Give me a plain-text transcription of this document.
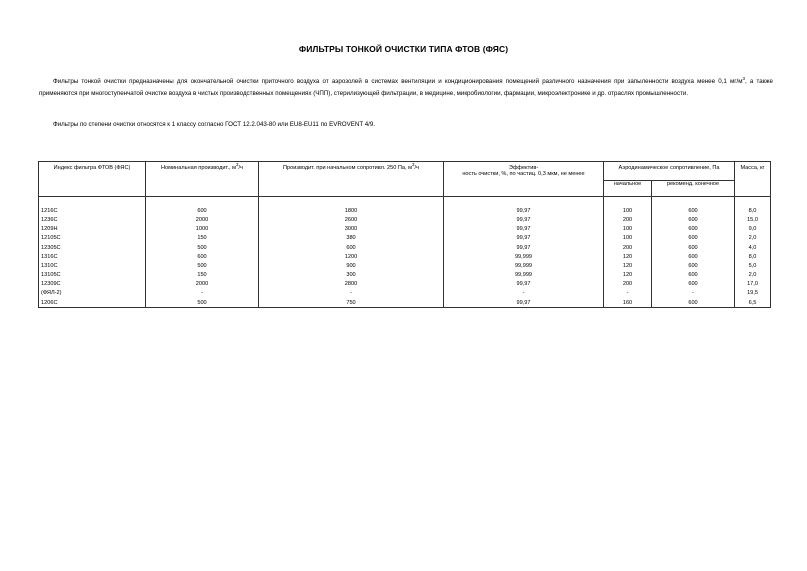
ФИЛЬТРЫ ТОНКОЙ ОЧИСТКИ ТИПА ФТОВ (ФЯС)
Фильтры тонкой очистки предназначены для окончательной очистки приточного воздуха от аэрозолей в системах вентиляции и кондиционирования помещений различного назначения при запыленности воздуха менее 0,1 $мг/м^3$, а также применяются при многоступенчатой очистке воздуха в чистых производственных помещениях (ЧПП), стерилизующей фильтрации, в медицине, микробиологии, фармации, микроэлектронике и др. отраслях промышленности.
Фильтры по степени очистки относятся к 1 классу согласно ГОСТ 12.2.043-80 или EU8-EU11 по EVROVENT 4/9.
Индекс фильтра ФТОВ (ФЯС)	Номинальная производит., $м^3/ч$	Производит. при начальном сопротивл. 250 Па, $м^3/ч$	Эффектив-
ность очистки, %, по частиц. 0,3 мкм, не менее	Аэродинамическое сопротивление, Па		Масса, кг

				начальное	рекоменд. конечное	

1216С	600	1800	99,97	100	600	8,0
1236С	2000	2600	99,97	200	600	15,0
1209Н	1000	3000	99,97	100	600	9,0
12105С	150	380	99,97	100	600	2,0
12305С	500	600	99,97	200	600	4,0
1316С	600	1200	99,999	120	600	8,0
1310С	500	900	99,999	120	600	5,0
13105С	150	300	99,999	120	600	2,0
12309С	2000	2800	99,97	200	600	17,0
(ФЯЛ-2)	-	-	-	-	-	19,5
1206С	500	750	99,97	160	600	6,5
